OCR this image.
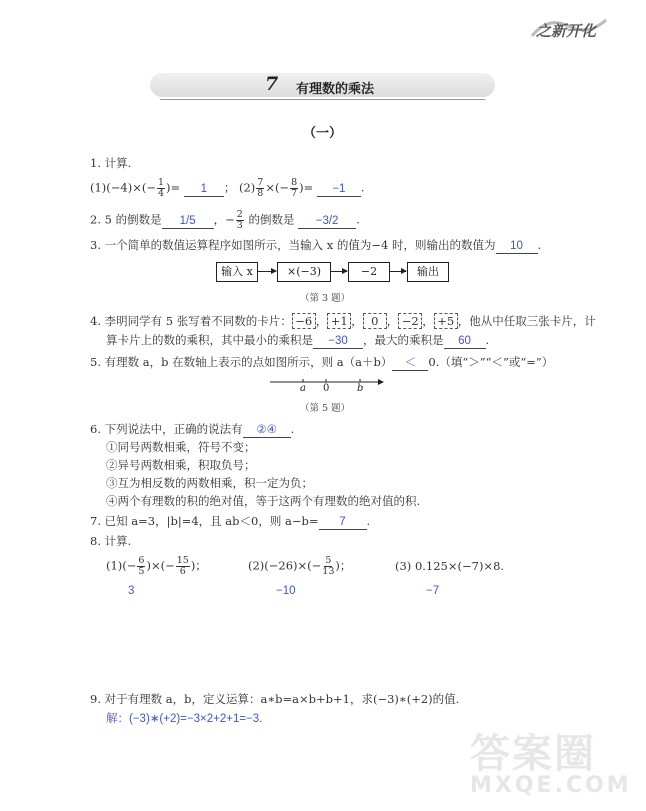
之新开化
7 有理数的乘法
（一）
1. 计算.
$(1)(-4)\times(- \frac{1}{4}$ )= 1 ； $(2) \frac{7}{8}$ ×(− $\frac{8}{7}$ )= −1 .
2. 5 的倒数是 1/5 ，− $\frac{2}{3}$ 的倒数是 −3/2 .
3. 一个简单的数值运算程序如图所示，当输入 x 的值为−4 时，则输出的数值为 10 .
输入 x	×(−3)	−2	输出
（第 3 题）
4. 李明同学有 5 张写着不同数的卡片： −6 ， +1 ， 0 ， −2 ， +5 ，他从中任取三张卡片，计
算卡片上的数的乘积，其中最小的乘积是 −30 ，最大的乘积是 60 .
5. 有理数 a，b 在数轴上表示的点如图所示，则 a（a＋b） ＜ 0.（填“＞”“＜”或“=”）
a 0	b
（第 5 题）
6. 下列说法中，正确的说法有 ②④ .
①同号两数相乘，符号不变；
②异号两数相乘，积取负号；
③互为相反数的两数相乘，积一定为负；
④两个有理数的积的绝对值，等于这两个有理数的绝对值的积.
7. 已知 a=3，|b|=4，且 ab＜0，则 a−b= 7 .
8. 计算.
$(1)(- \frac{6}{5}$ )×(− $\frac{15}{6}$ )；	$(2)(-26)\times(- \frac{5}{13}$ )；	(3) 0.125×(−7)×8.
3	−10	−7
9. 对于有理数 a，b，定义运算：a∗b=a×b+b+1，求(−3)∗(+2)的值.
解：(−3)∗(+2)=−3×2+2+1=−3.
答案圈
MXQE.COM
